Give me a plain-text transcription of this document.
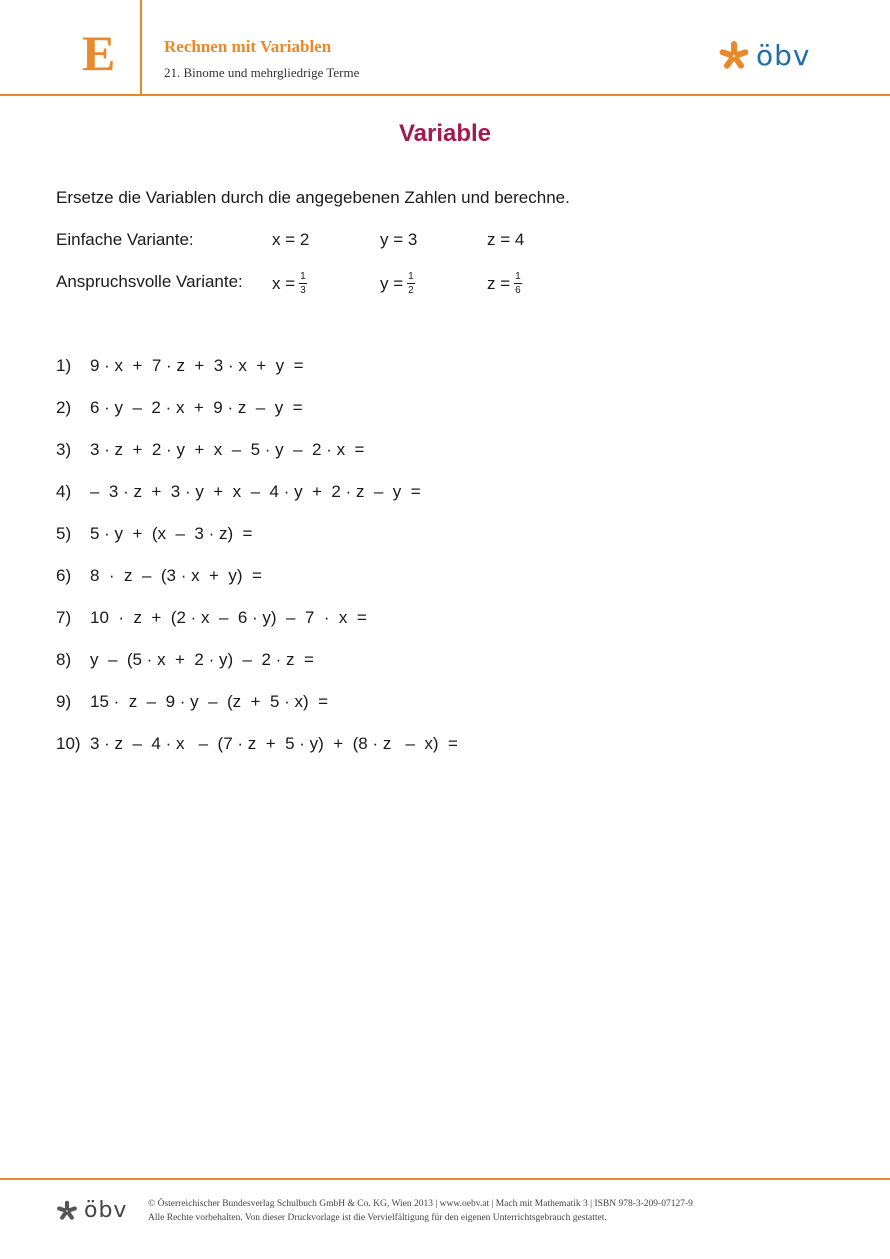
E	Rechnen mit Variablen
21. Binome und mehrgliedrige Terme
öbv
Variable
Ersetze die Variablen durch die angegebenen Zahlen und berechne.
Einfache Variante:	x = 2	y = 3	z = 4
Anspruchsvolle Variante: $x = \frac{1}{3}$	$y = \frac{1}{2}$	$z = \frac{1}{6}$
1)	9 · x  +  7 · z  +  3 · x  +  y  =
2)	6 · y  –  2 · x  +  9 · z  –  y  =
3)	3 · z  +  2 · y  +  x  –  5 · y  –  2 · x  =
4)	–  3 · z  +  3 · y  +  x  –  4 · y  +  2 · z  –  y  =
5)	5 · y  +  (x  –  3 · z)  =
6)	8  ·  z  –  (3 · x  +  y)  =
7)	10  ·  z  +  (2 · x  –  6 · y)  –  7  ·  x  =
8)	y  –  (5 · x  +  2 · y)  –  2 · z  =
9)	15 ·  z  –  9 · y  –  (z  +  5 · x)  =
10) 3 · z  –  4 · x   –  (7 · z  +  5 · y)  +  (8 · z   –  x)  =
öbv © Österreichischer Bundesverlag Schulbuch GmbH & Co. KG, Wien 2013 | www.oebv.at | Mach mit Mathematik 3 | ISBN 978-3-209-07127-9
Alle Rechte vorbehalten. Von dieser Druckvorlage ist die Vervielfältigung für den eigenen Unterrichtsgebrauch gestattet.
